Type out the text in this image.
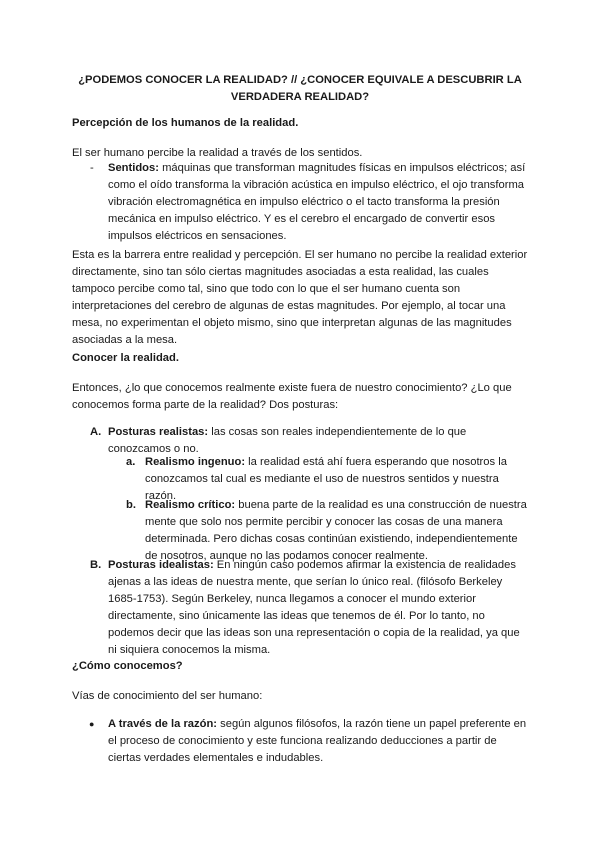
¿PODEMOS CONOCER LA REALIDAD? // ¿CONOCER EQUIVALE A DESCUBRIR LA
VERDADERA REALIDAD?
Percepción de los humanos de la realidad.
El ser humano percibe la realidad a través de los sentidos.
- Sentidos: máquinas que transforman magnitudes físicas en impulsos eléctricos; así como el oído transforma la vibración acústica en impulso eléctrico, el ojo transforma vibración electromagnética en impulso eléctrico o el tacto transforma la presión mecánica en impulso eléctrico. Y es el cerebro el encargado de convertir esos impulsos eléctricos en sensaciones.
Esta es la barrera entre realidad y percepción. El ser humano no percibe la realidad exterior directamente, sino tan sólo ciertas magnitudes asociadas a esta realidad, las cuales tampoco percibe como tal, sino que todo con lo que el ser humano cuenta son interpretaciones del cerebro de algunas de estas magnitudes. Por ejemplo, al tocar una mesa, no experimentan el objeto mismo, sino que interpretan algunas de las magnitudes asociadas a la mesa.
Conocer la realidad.
Entonces, ¿lo que conocemos realmente existe fuera de nuestro conocimiento? ¿Lo que conocemos forma parte de la realidad? Dos posturas:
A. Posturas realistas: las cosas son reales independientemente de lo que conozcamos o no.
a. Realismo ingenuo: la realidad está ahí fuera esperando que nosotros la conozcamos tal cual es mediante el uso de nuestros sentidos y nuestra razón.
b. Realismo crítico: buena parte de la realidad es una construcción de nuestra mente que solo nos permite percibir y conocer las cosas de una manera determinada. Pero dichas cosas continúan existiendo, independientemente de nosotros, aunque no las podamos conocer realmente.
B. Posturas idealistas: En ningún caso podemos afirmar la existencia de realidades ajenas a las ideas de nuestra mente, que serían lo único real. (filósofo Berkeley 1685-1753). Según Berkeley, nunca llegamos a conocer el mundo exterior directamente, sino únicamente las ideas que tenemos de él. Por lo tanto, no podemos decir que las ideas son una representación o copia de la realidad, ya que ni siquiera conocemos la misma.
¿Cómo conocemos?
Vías de conocimiento del ser humano:
● A través de la razón: según algunos filósofos, la razón tiene un papel preferente en el proceso de conocimiento y este funciona realizando deducciones a partir de ciertas verdades elementales e indudables.
